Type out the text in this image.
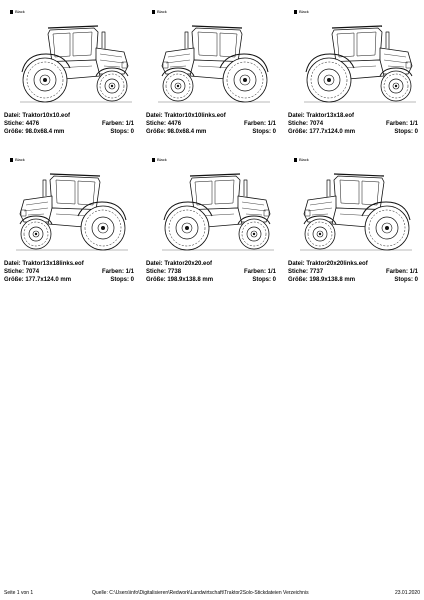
Black
Datei: Traktor10x10.eof
Stiche: 4476	Farben: 1/1
Größe: 98.0x68.4 mm	Stops: 0
Black
Datei: Traktor10x10links.eof
Stiche: 4476	Farben: 1/1
Größe: 98.0x68.4 mm	Stops: 0
Black
Datei: Traktor13x18.eof
Stiche: 7074	Farben: 1/1
Größe: 177.7x124.0 mm	Stops: 0
Black
Datei: Traktor13x18links.eof
Stiche: 7074	Farben: 1/1
Größe: 177.7x124.0 mm	Stops: 0
Black
Datei: Traktor20x20.eof
Stiche: 7738	Farben: 1/1
Größe: 198.9x138.8 mm	Stops: 0
Black
Datei: Traktor20x20links.eof
Stiche: 7737	Farben: 1/1
Größe: 198.9x138.8 mm	Stops: 0
Seite 1 von 1	Quelle: C:\Users\info\Digitalisieren\Redwork\Landwirtschaft\Traktor2Solo-Stickdateien Verzeichnis	23.01.2020
